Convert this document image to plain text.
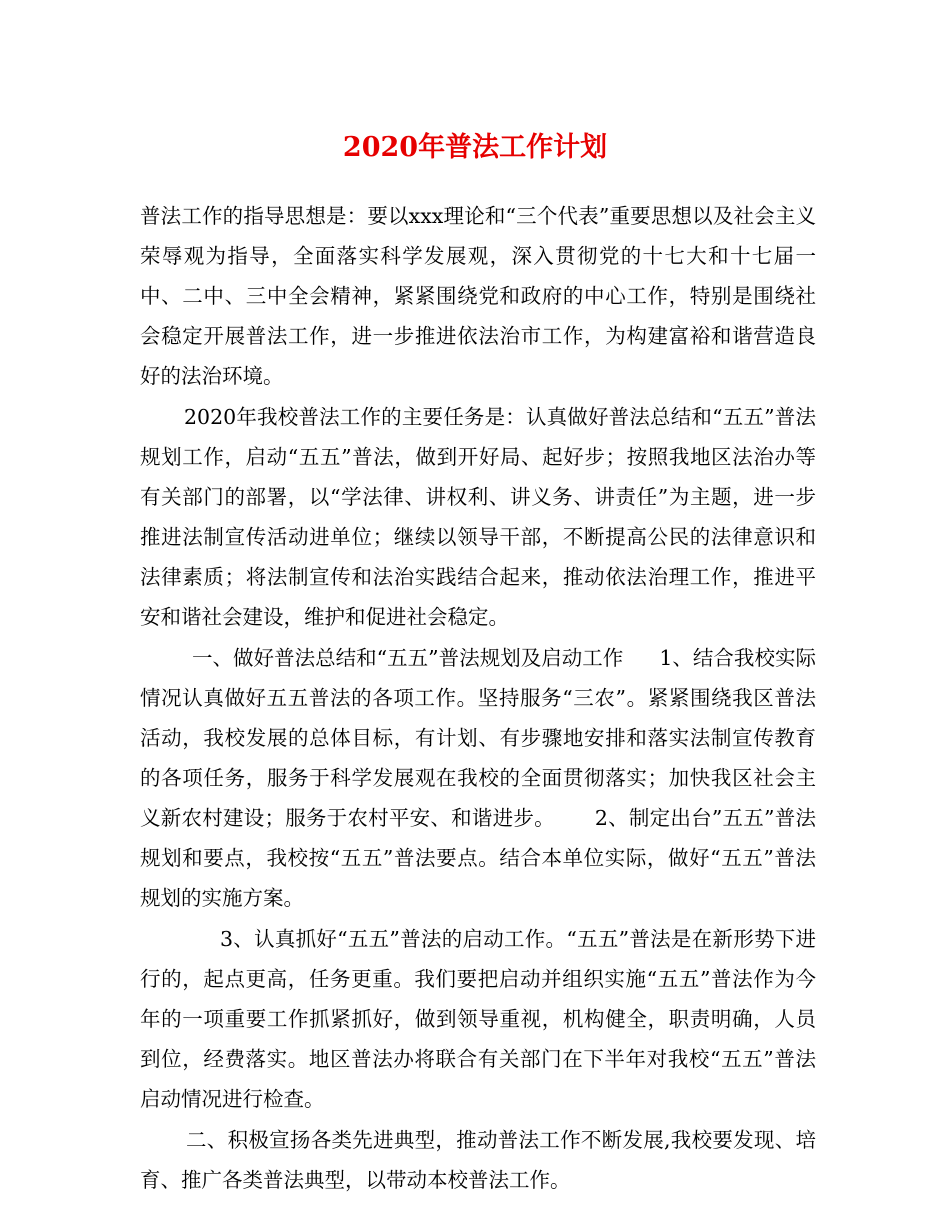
2020年普法工作计划

普法工作的指导思想是：要以xxx理论和“三个代表”重要思想以及社会主义荣辱观为指导，全面落实科学发展观，深入贯彻党的十七大和十七届一中、二中、三中全会精神，紧紧围绕党和政府的中心工作，特别是围绕社会稳定开展普法工作，进一步推进依法治市工作，为构建富裕和谐营造良好的法治环境。

2020年我校普法工作的主要任务是：认真做好普法总结和“五五”普法规划工作，启动“五五”普法，做到开好局、起好步；按照我地区法治办等有关部门的部署，以“学法律、讲权利、讲义务、讲责任”为主题，进一步推进法制宣传活动进单位；继续以领导干部，不断提高公民的法律意识和法律素质；将法制宣传和法治实践结合起来，推动依法治理工作，推进平安和谐社会建设，维护和促进社会稳定。

一、做好普法总结和“五五”普法规划及启动工作 1、结合我校实际情况认真做好五五普法的各项工作。坚持服务“三农”。紧紧围绕我区普法活动，我校发展的总体目标，有计划、有步骤地安排和落实法制宣传教育的各项任务，服务于科学发展观在我校的全面贯彻落实；加快我区社会主义新农村建设；服务于农村平安、和谐进步。 2、制定出台”五五”普法规划和要点，我校按“五五”普法要点。结合本单位实际，做好“五五”普法规划的实施方案。

3、认真抓好“五五”普法的启动工作。“五五”普法是在新形势下进行的，起点更高，任务更重。我们要把启动并组织实施“五五”普法作为今年的一项重要工作抓紧抓好，做到领导重视，机构健全，职责明确，人员到位，经费落实。地区普法办将联合有关部门在下半年对我校“五五”普法启动情况进行检查。

二、积极宣扬各类先进典型，推动普法工作不断发展,我校要发现、培育、推广各类普法典型，以带动本校普法工作。
